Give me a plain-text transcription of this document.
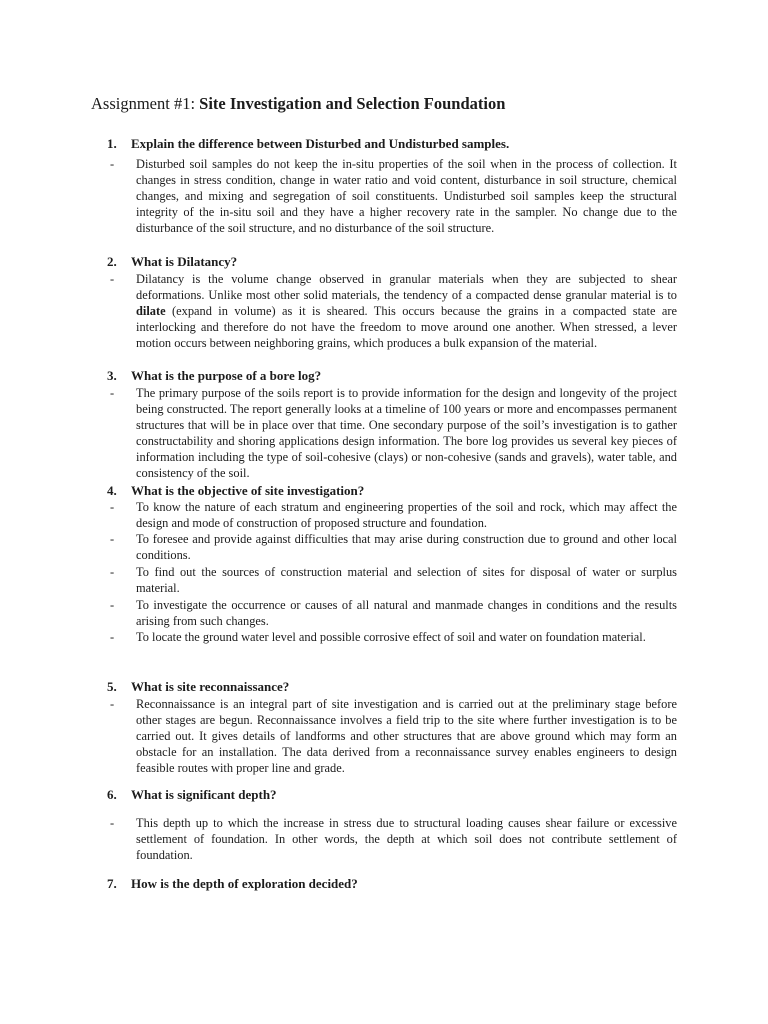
Assignment #1: Site Investigation and Selection Foundation
1. Explain the difference between Disturbed and Undisturbed samples.
-	Disturbed soil samples do not keep the in-situ properties of the soil when in the process of collection. It changes in stress condition, change in water ratio and void content, disturbance in soil structure, chemical changes, and mixing and segregation of soil constituents. Undisturbed soil samples keep the structural integrity of the in-situ soil and they have a higher recovery rate in the sampler. No change due to the disturbance of the soil structure, and no disturbance of the soil structure.
2. What is Dilatancy?
-	Dilatancy is the volume change observed in granular materials when they are subjected to shear deformations. Unlike most other solid materials, the tendency of a compacted dense granular material is to dilate (expand in volume) as it is sheared. This occurs because the grains in a compacted state are interlocking and therefore do not have the freedom to move around one another. When stressed, a lever motion occurs between neighboring grains, which produces a bulk expansion of the material.
3. What is the purpose of a bore log?
-	The primary purpose of the soils report is to provide information for the design and longevity of the project being constructed. The report generally looks at a timeline of 100 years or more and encompasses permanent structures that will be in place over that time. One secondary purpose of the soil’s investigation is to gather constructability and shoring applications design information. The bore log provides us several key pieces of information including the type of soil-cohesive (clays) or non-cohesive (sands and gravels), water table, and consistency of the soil.
4. What is the objective of site investigation?
-	To know the nature of each stratum and engineering properties of the soil and rock, which may affect the design and mode of construction of proposed structure and foundation.
-	To foresee and provide against difficulties that may arise during construction due to ground and other local conditions.
-	To find out the sources of construction material and selection of sites for disposal of water or surplus material.
-	To investigate the occurrence or causes of all natural and manmade changes in conditions and the results arising from such changes.
-	To locate the ground water level and possible corrosive effect of soil and water on foundation material.
5. What is site reconnaissance?
-	Reconnaissance is an integral part of site investigation and is carried out at the preliminary stage before other stages are begun. Reconnaissance involves a field trip to the site where further investigation is to be carried out. It gives details of landforms and other structures that are above ground which may form an obstacle for an installation. The data derived from a reconnaissance survey enables engineers to design feasible routes with proper line and grade.
6. What is significant depth?
-	This depth up to which the increase in stress due to structural loading causes shear failure or excessive settlement of foundation. In other words, the depth at which soil does not contribute settlement of foundation.
7. How is the depth of exploration decided?
